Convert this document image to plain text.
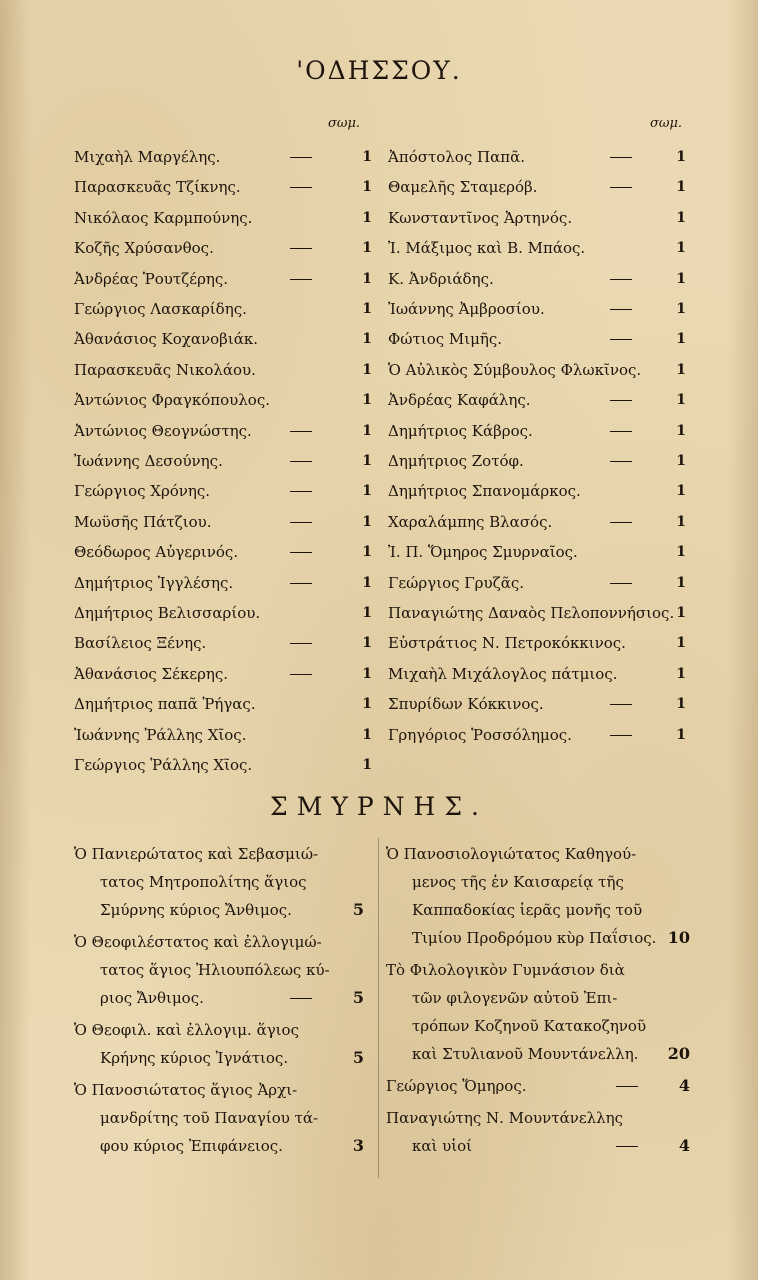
'ΟΔΗΣΣΟΥ.
σωμ.	σωμ.
Μιχαὴλ Μαργέλης.	1
Παρασκευᾶς Τζίκνης.	1
Νικόλαος Καρμπούνης.	1
Κοζῆς Χρύσανθος.	1
Ἀνδρέας Ῥουτζέρης.	1
Γεώργιος Λασκαρίδης.	1
Ἀθανάσιος Κοχανοβιάκ.	1
Παρασκευᾶς Νικολάου.	1
Ἀντώνιος Φραγκόπουλος.	1
Ἀντώνιος Θεογνώστης.	1
Ἰωάννης Δεσούνης.	1
Γεώργιος Χρόνης.	1
Μωϋσῆς Πάτζιου.	1
Θεόδωρος Αὐγερινός.	1
Δημήτριος Ἰγγλέσης.	1
Δημήτριος Βελισσαρίου.	1
Βασίλειος Ξένης.	1
Ἀθανάσιος Σέκερης.	1
Δημήτριος παπᾶ Ῥήγας.	1
Ἰωάννης Ῥάλλης Χῖος.	1
Γεώργιος Ῥάλλης Χῖος.	1
Ἀπόστολος Παπᾶ.	1
Θαμελῆς Σταμερόβ.	1
Κωνσταντῖνος Ἀρτηνός.	1
Ἰ. Μάξιμος καὶ Β. Μπάος.	1
Κ. Ἀνδριάδης.	1
Ἰωάννης Ἀμβροσίου.	1
Φώτιος Μιμῆς.	1
Ὁ Αὐλικὸς Σύμβουλος Φλωκῖνος.	1
Ἀνδρέας Καφάλης.	1
Δημήτριος Κάβρος.	1
Δημήτριος Ζοτόφ.	1
Δημήτριος Σπανομάρκος.	1
Χαραλάμπης Βλασός.	1
Ἰ. Π. Ὅμηρος Σμυρναῖος.	1
Γεώργιος Γρυζᾶς.	1
Παναγιώτης Δαναὸς Πελοποννήσιος. 1
Εὐστράτιος Ν. Πετροκόκκινος.	1
Μιχαὴλ Μιχάλογλος πάτμιος.	1
Σπυρίδων Κόκκινος.	1
Γρηγόριος Ῥοσσόλημος.	1
ΣΜΥΡΝΗΣ.
Ὁ Πανιερώτατος καὶ Σεβασμιώ-
τατος Μητροπολίτης ἅγιος
Σμύρνης κύριος Ἄνθιμος.	5
Ὁ Θεοφιλέστατος καὶ ἐλλογιμώ-
τατος ἅγιος Ἡλιουπόλεως κύ-
ριος Ἄνθιμος.	5
Ὁ Θεοφιλ. καὶ ἐλλογιμ. ἅγιος
Κρήνης κύριος Ἰγνάτιος.	5
Ὁ Πανοσιώτατος ἅγιος Ἀρχι-
μανδρίτης τοῦ Παναγίου τά-
φου κύριος Ἐπιφάνειος.	3
Ὁ Πανοσιολογιώτατος Καθηγού-
μενος τῆς ἐν Καισαρείᾳ τῆς
Καππαδοκίας ἱερᾶς μονῆς τοῦ
Τιμίου Προδρόμου κὺρ Παΐσιος. 10
Τὸ Φιλολογικὸν Γυμνάσιον διὰ
τῶν φιλογενῶν αὐτοῦ Ἐπι-
τρόπων Κοζηνοῦ Κατακοζηνοῦ
καὶ Στυλιανοῦ Μουντάνελλη. 20
Γεώργιος Ὅμηρος.	4
Παναγιώτης Ν. Μουντάνελλης
καὶ υἱοί	4
